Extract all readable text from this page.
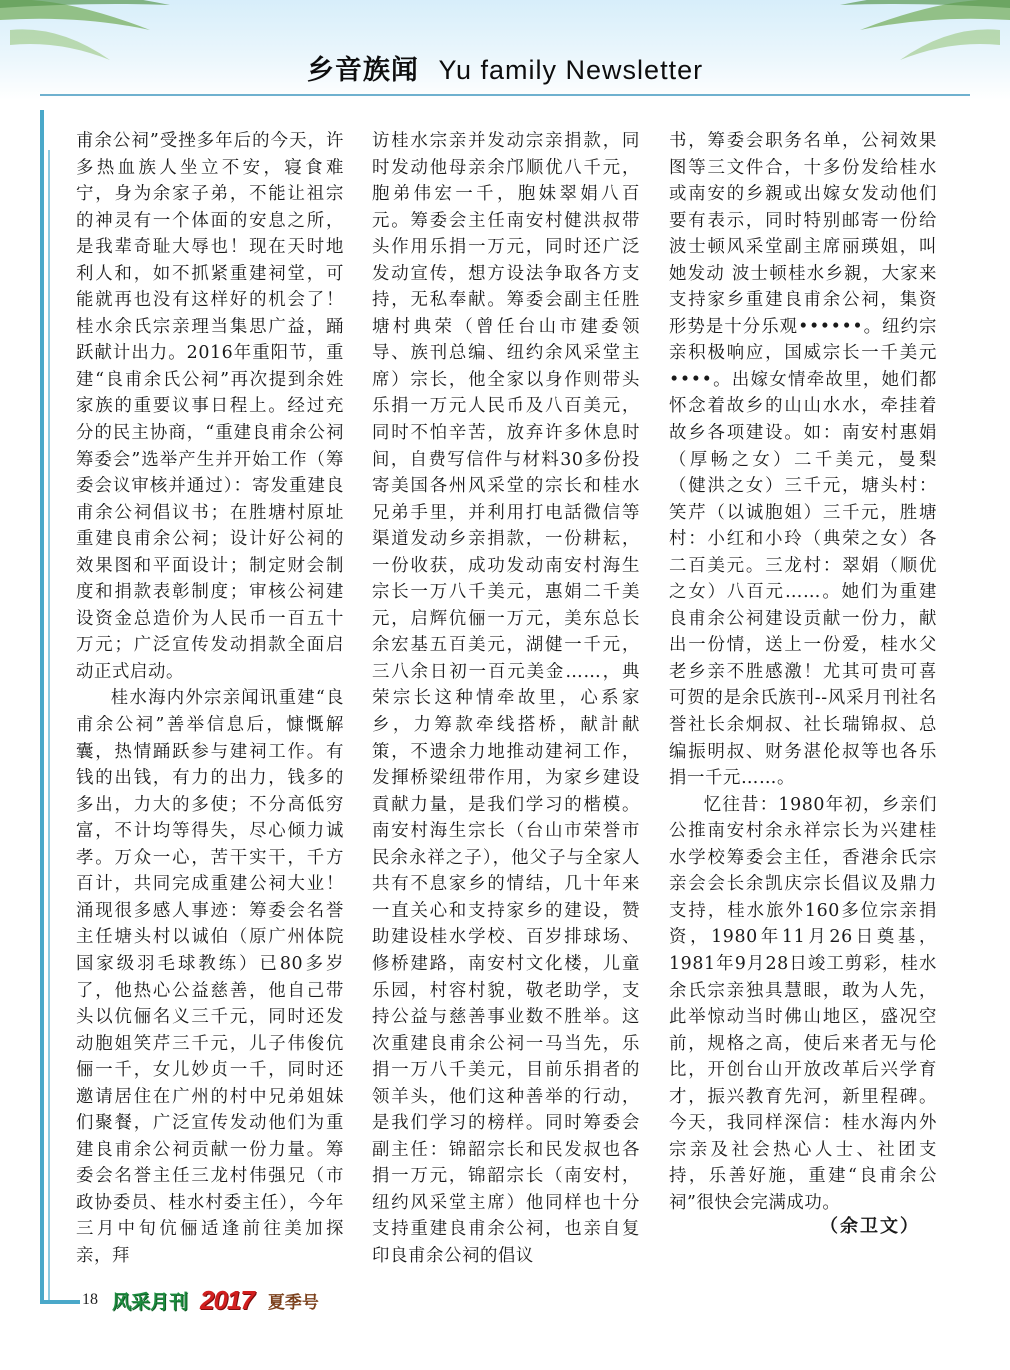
乡音族闻 Yu family Newsletter

甫余公祠”受挫多年后的今天，许多热血族人坐立不安，寝食难宁，身为余家子弟，不能让祖宗的神灵有一个体面的安息之所，是我辈奇耻大辱也！现在天时地利人和，如不抓紧重建祠堂，可能就再也没有这样好的机会了！桂水余氏宗亲理当集思广益，踊跃献计出力。2016年重阳节，重建“良甫余氏公祠”再次提到余姓家族的重要议事日程上。经过充分的民主协商，“重建良甫余公祠筹委会”选举产生并开始工作（筹委会议审核并通过）：寄发重建良甫余公祠倡议书；在胜塘村原址重建良甫余公祠；设计好公祠的效果图和平面设计；制定财会制度和捐款表彰制度；审核公祠建设资金总造价为人民币一百五十万元；广泛宣传发动捐款全面启动正式启动。

桂水海内外宗亲闻讯重建“良甫余公祠”善举信息后，慷慨解囊，热情踊跃参与建祠工作。有钱的出钱，有力的出力，钱多的多出，力大的多使；不分高低穷富，不计均等得失，尽心倾力诚孝。万众一心，苦干实干，千方百计，共同完成重建公祠大业！涌现很多感人事迹：筹委会名誉主任塘头村以诚伯（原广州体院国家级羽毛球教练）已80多岁了，他热心公益慈善，他自己带头以伉俪名义三千元，同时还发动胞姐笑芹三千元，儿子伟俊伉俪一千，女儿妙贞一千，同时还邀请居住在广州的村中兄弟姐妹们聚餐，广泛宣传发动他们为重建良甫余公祠贡献一份力量。筹委会名誉主任三龙村伟强兄（市政协委员、桂水村委主任），今年三月中旬伉俪适逢前往美加探亲，拜

访桂水宗亲并发动宗亲捐款，同时发动他母亲余邝顺优八千元，胞弟伟宏一千，胞妹翠娟八百元。筹委会主任南安村健洪叔带头作用乐捐一万元，同时还广泛发动宣传，想方设法争取各方支持，无私奉献。筹委会副主任胜塘村典荣（曾任台山市建委领导、族刊总编、纽约余风采堂主席）宗长，他全家以身作则带头乐捐一万元人民币及八百美元，同时不怕辛苦，放弃许多休息时间，自费写信件与材料30多份投寄美国各州风采堂的宗长和桂水兄弟手里，并利用打电話微信等渠道发动乡亲捐款，一份耕耘，一份收获，成功发动南安村海生宗长一万八千美元，惠娟二千美元，启辉伉俪一万元，美东总长余宏基五百美元，湖健一千元，三八余日初一百元美金……，典荣宗长这种情牵故里，心系家乡，力筹款牵线搭桥，献計献策，不遗余力地推动建祠工作，发揮桥梁纽带作用，为家乡建设貢献力量，是我们学习的楷模。南安村海生宗长（台山市荣誉市民余永祥之子），他父子与全家人共有不息家乡的情结，几十年来一直关心和支持家乡的建设，赞助建设桂水学校、百岁排球场、修桥建路，南安村文化楼，儿童乐园，村容村貌，敬老助学，支持公益与慈善事业数不胜举。这次重建良甫余公祠一马当先，乐捐一万八千美元，目前乐捐者的领羊头，他们这种善举的行动，是我们学习的榜样。同时筹委会副主任：锦韶宗长和民发叔也各捐一万元，锦韶宗长（南安村，纽约风采堂主席）他同样也十分支持重建良甫余公祠，也亲自复印良甫余公祠的倡议

书，筹委会职务名单，公祠效果图等三文件合，十多份发给桂水或南安的乡親或出嫁女发动他们要有表示，同时特别邮寄一份给波士顿风采堂副主席丽瑛姐，叫她发动 波士顿桂水乡親，大家来支持家乡重建良甫余公祠，集资形势是十分乐观••••••。纽约宗亲积极响应，国威宗长一千美元••••。出嫁女情牵故里，她们都怀念着故乡的山山水水，牵挂着故乡各项建设。如：南安村惠娟（厚畅之女）二千美元，曼梨（健洪之女）三千元，塘头村：笑芹（以诚胞姐）三千元，胜塘村：小红和小玲（典荣之女）各二百美元。三龙村：翠娟（顺优之女）八百元……。她们为重建良甫余公祠建设贡献一份力，献出一份情，送上一份爱，桂水父老乡亲不胜感激！尤其可贵可喜可贺的是余氏族刊--风采月刊社名誉社长余炯叔、社长瑞锦叔、总编振明叔、财务湛伦叔等也各乐捐一千元……。

忆往昔：1980年初，乡亲们公推南安村余永祥宗长为兴建桂水学校筹委会主任，香港余氏宗亲会会长余凯庆宗长倡议及鼎力支持，桂水旅外160多位宗亲捐资，1980年11月26日奠基，1981年9月28日竣工剪彩，桂水余氏宗亲独具慧眼，敢为人先，此举惊动当时佛山地区，盛况空前，规格之高，使后来者无与伦比，开创台山开放改革后兴学育才，振兴教育先河，新里程碑。今天，我同样深信：桂水海内外宗亲及社会热心人士、社团支持，乐善好施，重建“良甫余公祠”很快会完满成功。

（余卫文）
18 风采月刊 2017 夏季号
